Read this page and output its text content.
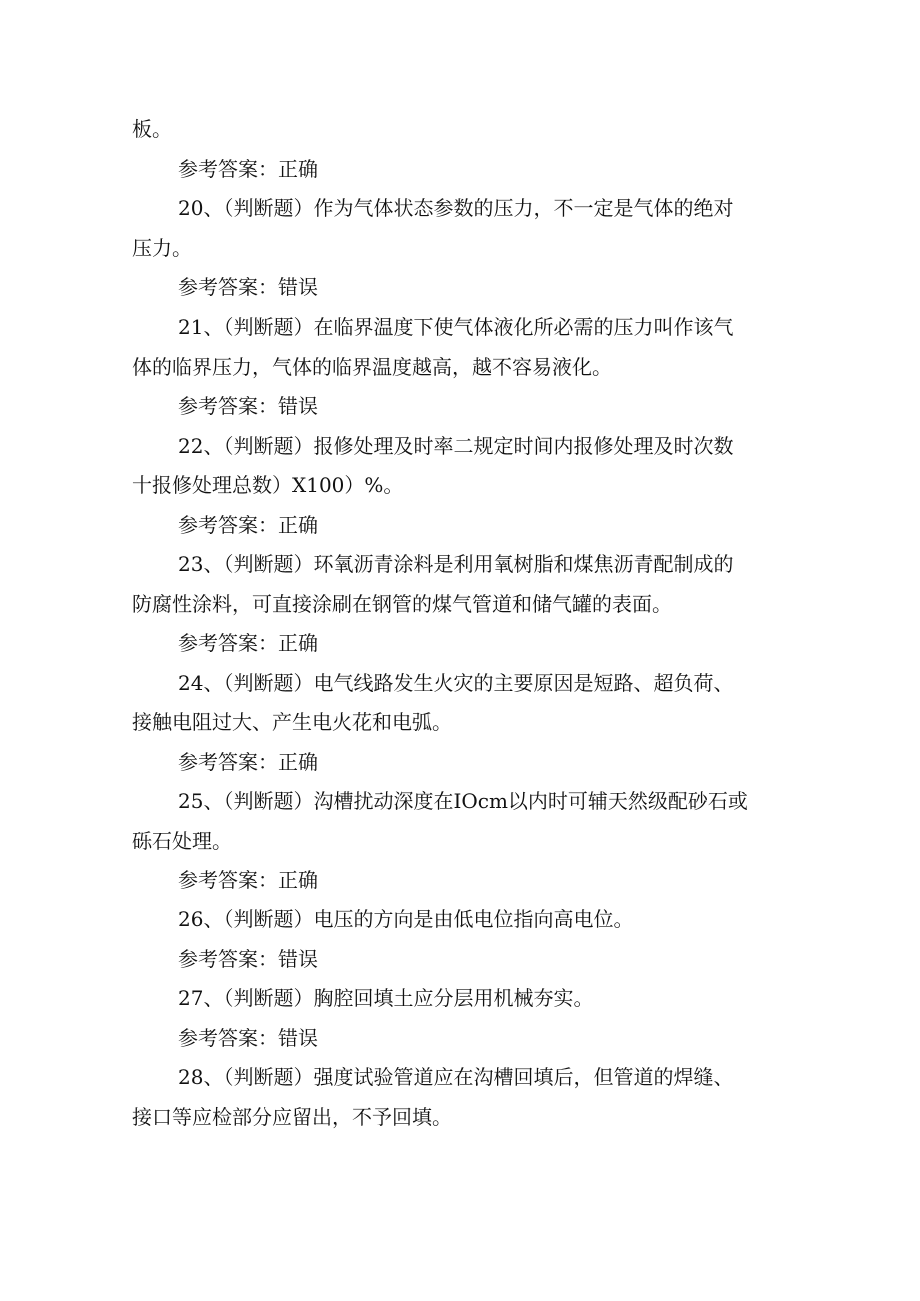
板。
参考答案：正确
20、（判断题）作为气体状态参数的压力，不一定是气体的绝对
压力。
参考答案：错误
21、（判断题）在临界温度下使气体液化所必需的压力叫作该气
体的临界压力，气体的临界温度越高，越不容易液化。
参考答案：错误
22、（判断题）报修处理及时率二规定时间内报修处理及时次数
十报修处理总数）X100）%。
参考答案：正确
23、（判断题）环氧沥青涂料是利用氧树脂和煤焦沥青配制成的
防腐性涂料，可直接涂刷在钢管的煤气管道和储气罐的表面。
参考答案：正确
24、（判断题）电气线路发生火灾的主要原因是短路、超负荷、
接触电阻过大、产生电火花和电弧。
参考答案：正确
25、（判断题）沟槽扰动深度在IOcm以内时可辅天然级配砂石或
砾石处理。
参考答案：正确
26、（判断题）电压的方向是由低电位指向高电位。
参考答案：错误
27、（判断题）胸腔回填土应分层用机械夯实。
参考答案：错误
28、（判断题）强度试验管道应在沟槽回填后，但管道的焊缝、
接口等应检部分应留出，不予回填。
